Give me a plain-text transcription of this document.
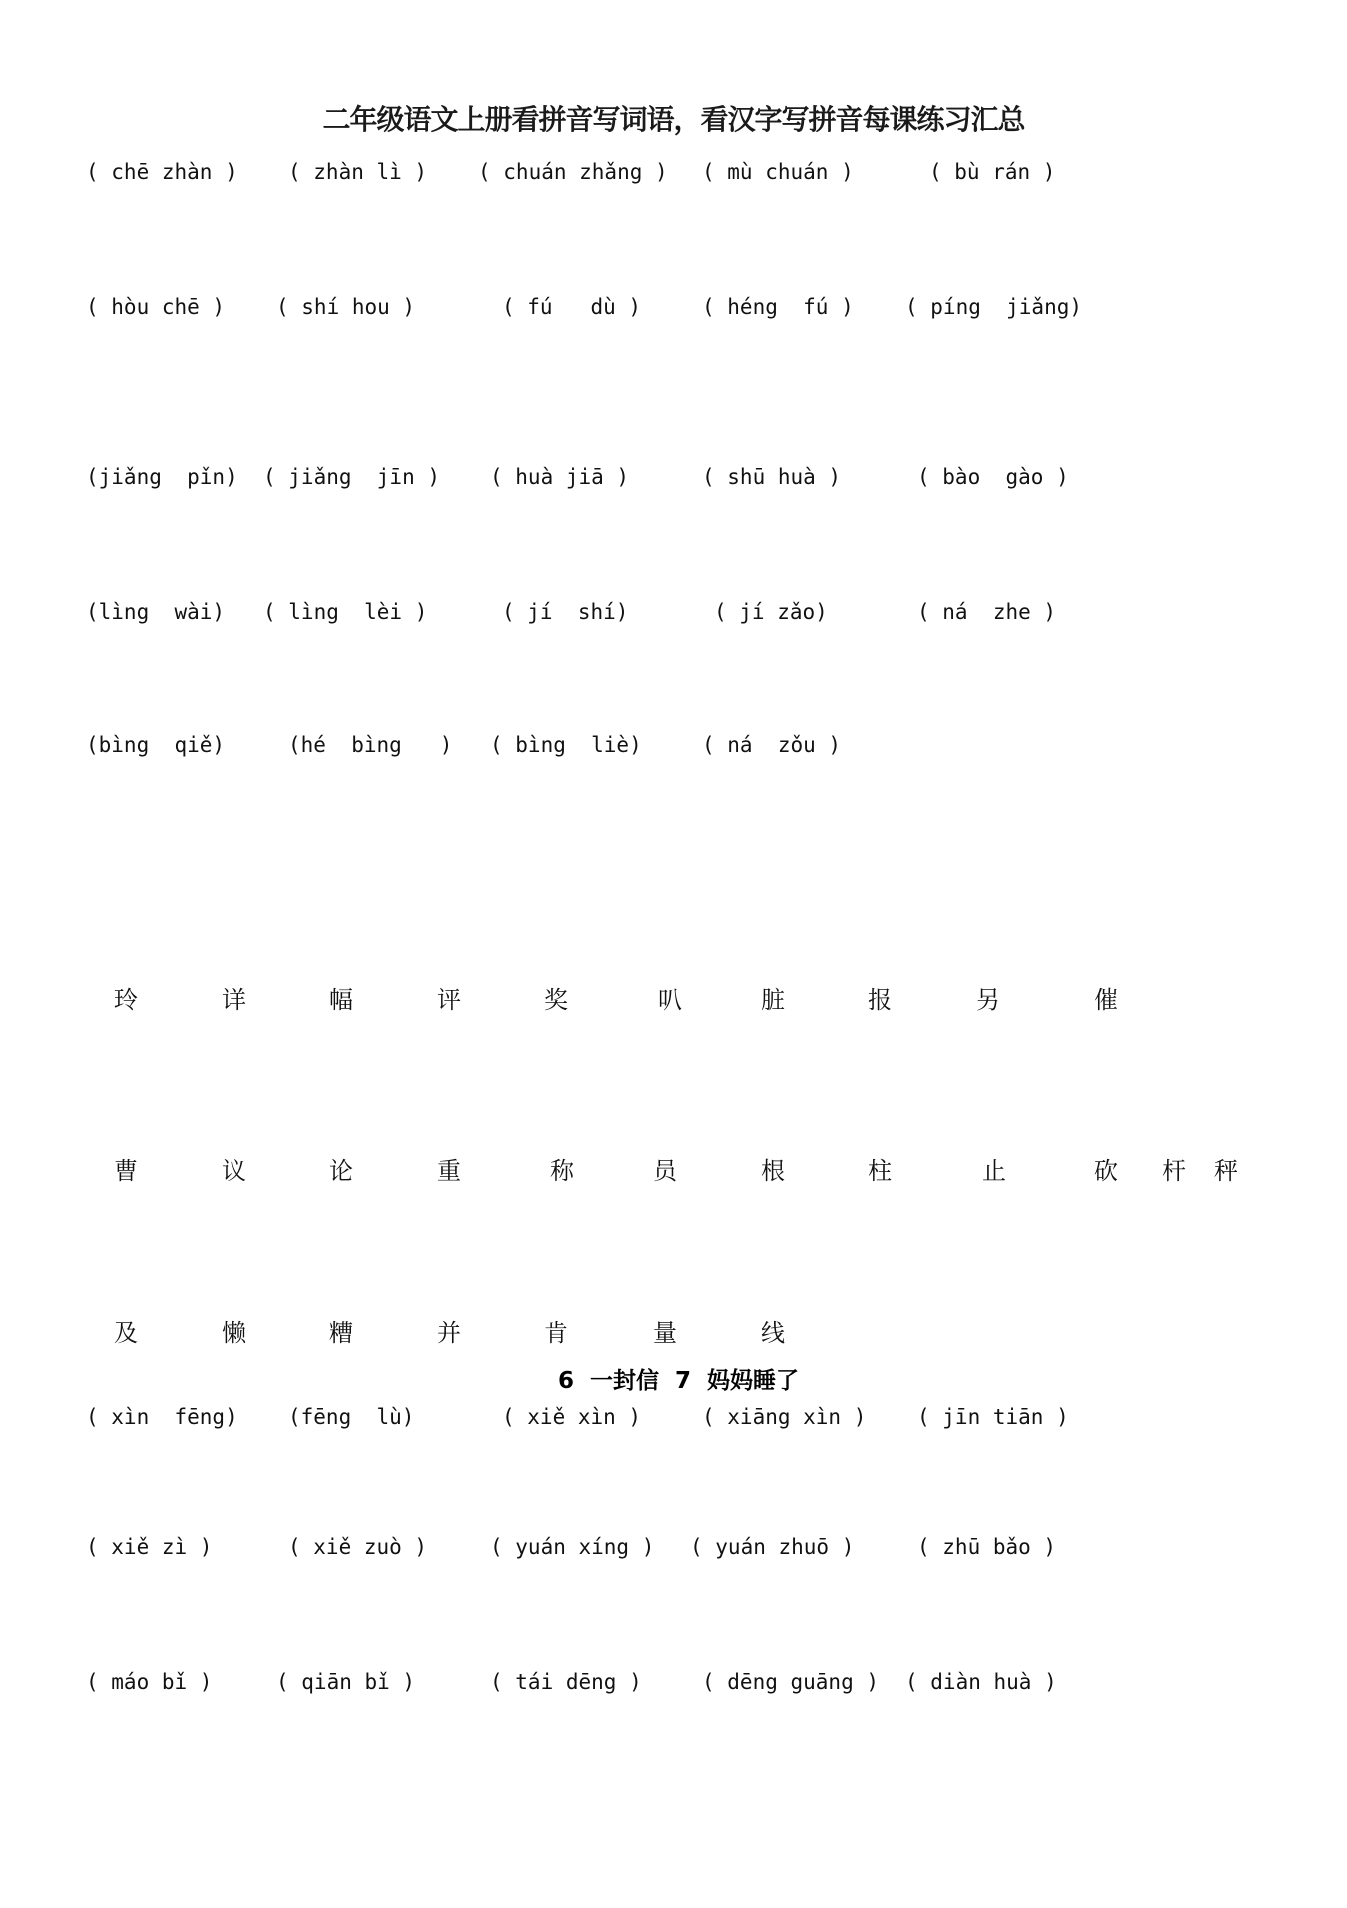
二年级语文上册看拼音写词语，看汉字写拼音每课练习汇总
( chē zhàn ) ( zhàn lì ) ( chuán zhǎng ) ( mù chuán )	( bù rán )
( hòu chē ) ( shí hou )	( fú   dù )	( héng  fú ) ( píng  jiǎng)
(jiǎng  pǐn) ( jiǎng  jīn ) ( huà jiā )	( shū huà )	( bào  gào )
(lìng  wài) ( lìng  lèi )	( jí  shí)	( jí zǎo)	( ná  zhe )
(bìng  qiě)	(hé  bìng   ) ( bìng  liè)	( ná  zǒu )
玲	详	幅	评	奖	叭	脏	报	另	催
曹	议	论	重	称	员	根	柱	止	砍 杆 秤
及	懒	糟	并	肯	量	线
6  一封信  7  妈妈睡了
( xìn  fēng) (fēng  lù)	( xiě xìn )	( xiāng xìn ) ( jīn tiān )
( xiě zì )	( xiě zuò )	( yuán xíng ) ( yuán zhuō )	( zhū bǎo )
( máo bǐ )	( qiān bǐ )	( tái dēng )	( dēng guāng ) ( diàn huà )
